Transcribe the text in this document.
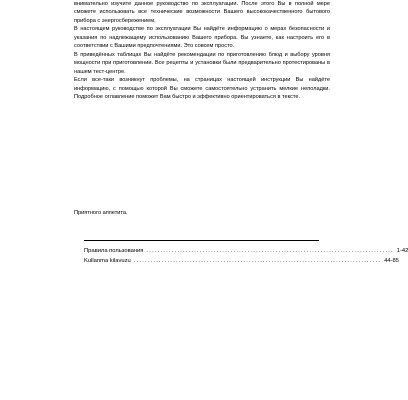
внимательно изучите данное руководство по эксплуатации. После этого Вы в полной мере сможете использовать все технические возможности Вашего высококачественного бытового прибора с энергосбережением.

В настоящем руководстве по эксплуатации Вы найдёте информацию о мерах безопасности и указания по надлежащему использованию Вашего прибора. Вы узнаете, как настроить его в соответствии с Вашими предпочтениями. Это совсем просто.

В приведённых таблицах Вы найдёте рекомендации по приготовлению блюд и выбору уровня мощности при приготовлении. Все рецепты и установки были предварительно протестированы в нашем тест-центре.

Если все-таки возникнут проблемы, на страницах настоящей инструкции Вы найдёте информацию, с помощью которой Вы сможете самостоятельно устранить мелкие неполадки. Подробное оглавление поможет Вам быстро и эффективно ориентироваться в тексте.

Приятного аппетита.

Правила пользования ........................................................................................ 1-42
Kullanma kilavuzu ........................................................................................ 44-85
